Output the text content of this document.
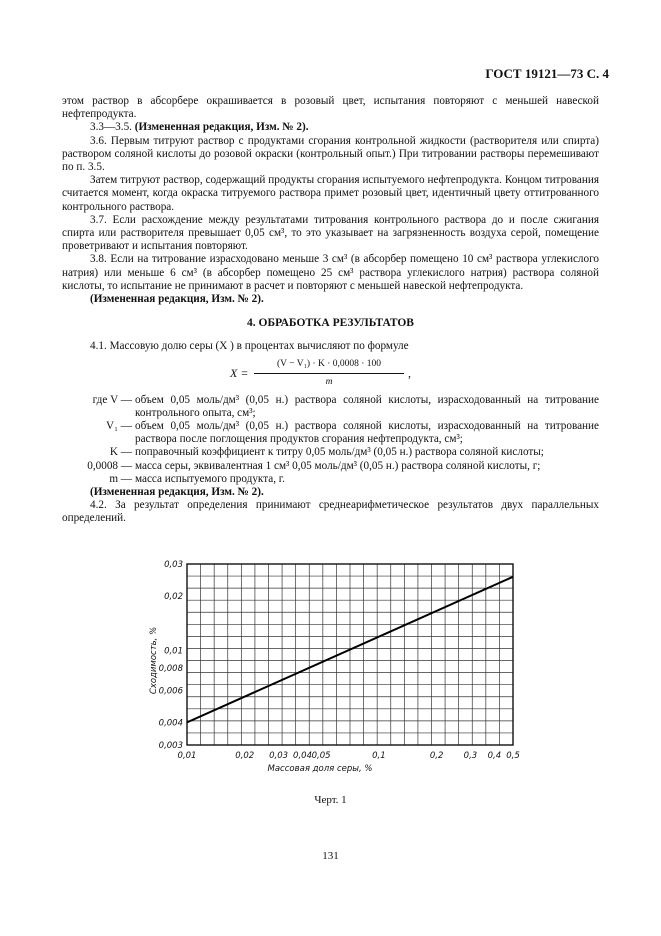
ГОСТ 19121—73 С. 4

этом раствор в абсорбере окрашивается в розовый цвет, испытания повторяют с меньшей навеской нефтепродукта.

3.3—3.5. (Измененная редакция, Изм. № 2).

3.6. Первым титруют раствор с продуктами сгорания контрольной жидкости (растворителя или спирта) раствором соляной кислоты до розовой окраски (контрольный опыт.) При титровании растворы перемешивают по п. 3.5.

Затем титруют раствор, содержащий продукты сгорания испытуемого нефтепродукта. Концом титрования считается момент, когда окраска титруемого раствора примет розовый цвет, идентичный цвету оттитрованного контрольного раствора.

3.7. Если расхождение между результатами титрования контрольного раствора до и после сжигания спирта или растворителя превышает 0,05 см³, то это указывает на загрязненность воздуха серой, помещение проветривают и испытания повторяют.

3.8. Если на титрование израсходовано меньше 3 см³ (в абсорбер помещено 10 см³ раствора углекислого натрия) или меньше 6 см³ (в абсорбер помещено 25 см³ раствора углекислого натрия) раствора соляной кислоты, то испытание не принимают в расчет и повторяют с меньшей навеской нефтепродукта.

(Измененная редакция, Изм. № 2).

4. ОБРАБОТКА РЕЗУЛЬТАТОВ

4.1. Массовую долю серы (X ) в процентах вычисляют по формуле

$X = \frac{\text{(V − V₁) · K · 0,0008 · 100}}{m}$ ,
где V — объем 0,05 моль/дм³ (0,05 н.) раствора соляной кислоты, израсходованный на титрование контрольного опыта, см³;
V₁ — объем 0,05 моль/дм³ (0,05 н.) раствора соляной кислоты, израсходованный на титрование раствора после поглощения продуктов сгорания нефтепродукта, см³;
K — поправочный коэффициент к титру 0,05 моль/дм³ (0,05 н.) раствора соляной кислоты;
0,0008 — масса серы, эквивалентная 1 см³ 0,05 моль/дм³ (0,05 н.) раствора соляной кислоты, г;
m — масса испытуемого продукта, г.

(Измененная редакция, Изм. № 2).

4.2. За результат определения принимают среднеарифметическое результатов двух параллельных определений.

0,01	0,02 0,03 0,04 0,05	0,1	0,2 0,3 0,4 0,5
0,003
0,004
0,006
0,008
0,01
0,02
0,03
Массовая доля серы, %
Сходимость, %
Черт. 1
131
